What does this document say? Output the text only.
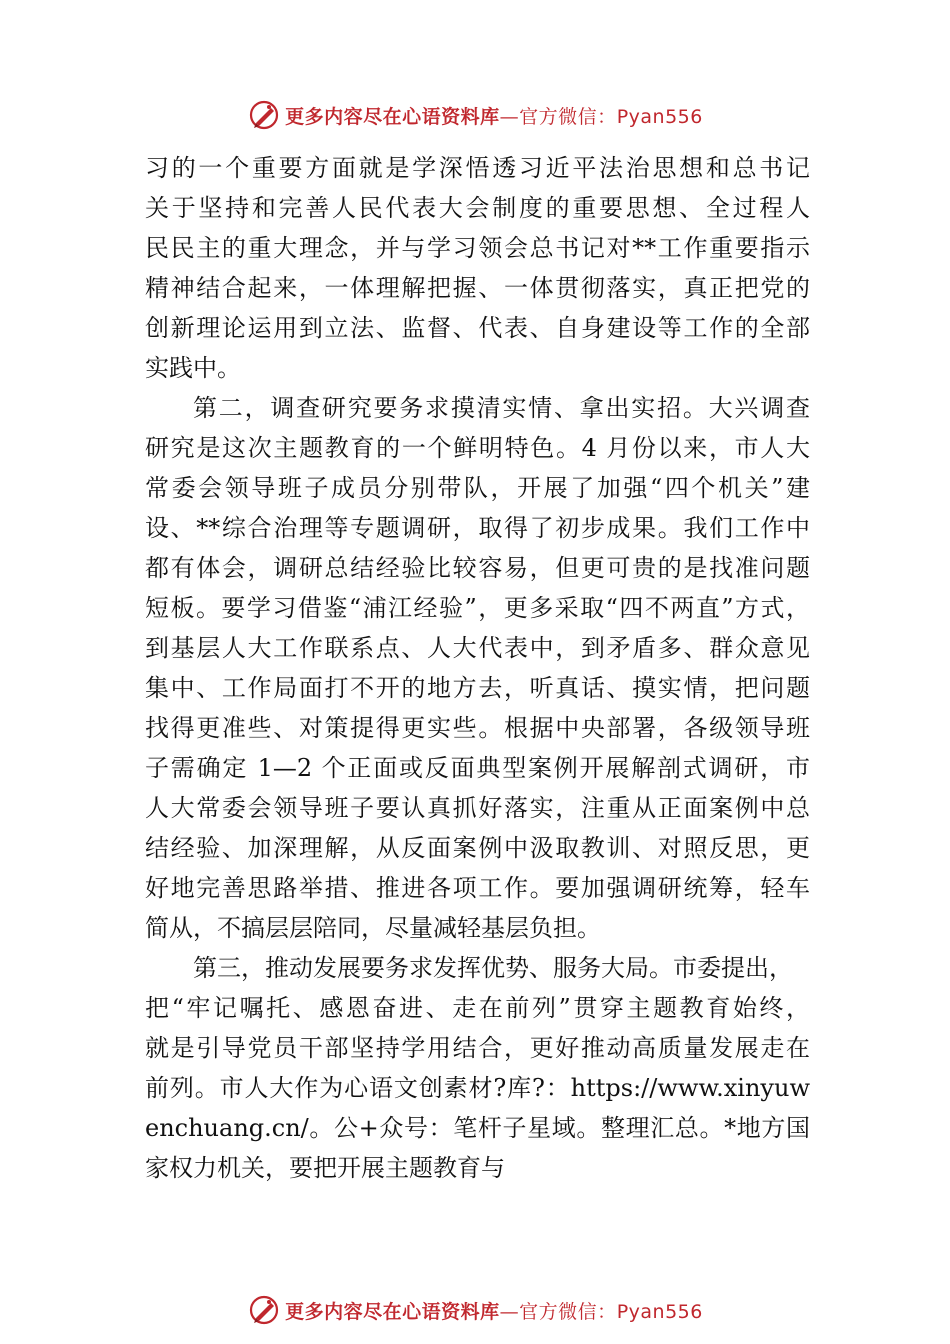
更多内容尽在心语资料库—官方微信：Pyan556
习的一个重要方面就是学深悟透习近平法治思想和总书记
关于坚持和完善人民代表大会制度的重要思想、全过程人
民民主的重大理念，并与学习领会总书记对**工作重要指示
精神结合起来，一体理解把握、一体贯彻落实，真正把党的
创新理论运用到立法、监督、代表、自身建设等工作的全部
实践中。
第二，调查研究要务求摸清实情、拿出实招。大兴调查
研究是这次主题教育的一个鲜明特色。4 月份以来，市人大
常委会领导班子成员分别带队，开展了加强“四个机关”建
设、**综合治理等专题调研，取得了初步成果。我们工作中
都有体会，调研总结经验比较容易，但更可贵的是找准问题
短板。要学习借鉴“浦江经验”，更多采取“四不两直”方式，
到基层人大工作联系点、人大代表中，到矛盾多、群众意见
集中、工作局面打不开的地方去，听真话、摸实情，把问题
找得更准些、对策提得更实些。根据中央部署，各级领导班
子需确定 1—2 个正面或反面典型案例开展解剖式调研，市
人大常委会领导班子要认真抓好落实，注重从正面案例中总
结经验、加深理解，从反面案例中汲取教训、对照反思，更
好地完善思路举措、推进各项工作。要加强调研统筹，轻车
简从，不搞层层陪同，尽量减轻基层负担。
第三，推动发展要务求发挥优势、服务大局。市委提出，
把“牢记嘱托、感恩奋进、走在前列”贯穿主题教育始终，
就是引导党员干部坚持学用结合，更好推动高质量发展走在
前列。市人大作为心语文创素材?库?：https://www.xinyuw
enchuang.cn/。公+众号：笔杆子星域。整理汇总。*地方国
家权力机关，要把开展主题教育与
更多内容尽在心语资料库—官方微信：Pyan556
